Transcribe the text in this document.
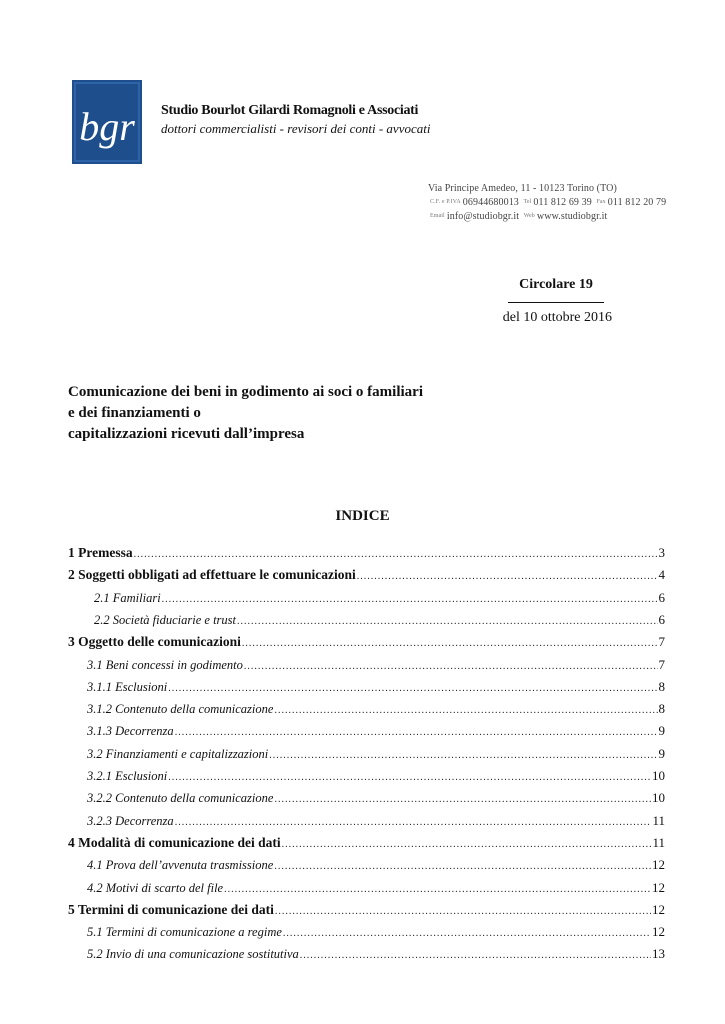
bgr Studio Bourlot Gilardi Romagnoli e Associati
dottori commercialisti - revisori dei conti - avvocati
Via Principe Amedeo, 11 - 10123 Torino (TO)
$^{C.F. e P.IVA}$ 06944680013 $^{Tel}$ 011 812 69 39 $^{Fax}$ 011 812 20 79
$^{Email}$ info@studiobgr.it $^{Web}$ www.studiobgr.it
Circolare 19
del 10 ottobre 2016
Comunicazione dei beni in godimento ai soci o familiari
e dei finanziamenti o
capitalizzazioni ricevuti dall’impresa
INDICE
1 Premessa .....	3
2 Soggetti obbligati ad effettuare le comunicazioni .....	4
2.1 Familiari .....	6
2.2 Società fiduciarie e trust .....	6
3 Oggetto delle comunicazioni .....	7
3.1 Beni concessi in godimento .....	7
3.1.1 Esclusioni .....	8
3.1.2 Contenuto della comunicazione .....	8
3.1.3 Decorrenza .....	9
3.2 Finanziamenti e capitalizzazioni .....	9
3.2.1 Esclusioni .....	10
3.2.2 Contenuto della comunicazione .....	10
3.2.3 Decorrenza .....	11
4 Modalità di comunicazione dei dati .....	11
4.1 Prova dell’avvenuta trasmissione .....	12
4.2 Motivi di scarto del file .....	12
5 Termini di comunicazione dei dati .....	12
5.1 Termini di comunicazione a regime .....	12
5.2 Invio di una comunicazione sostitutiva .....	13
